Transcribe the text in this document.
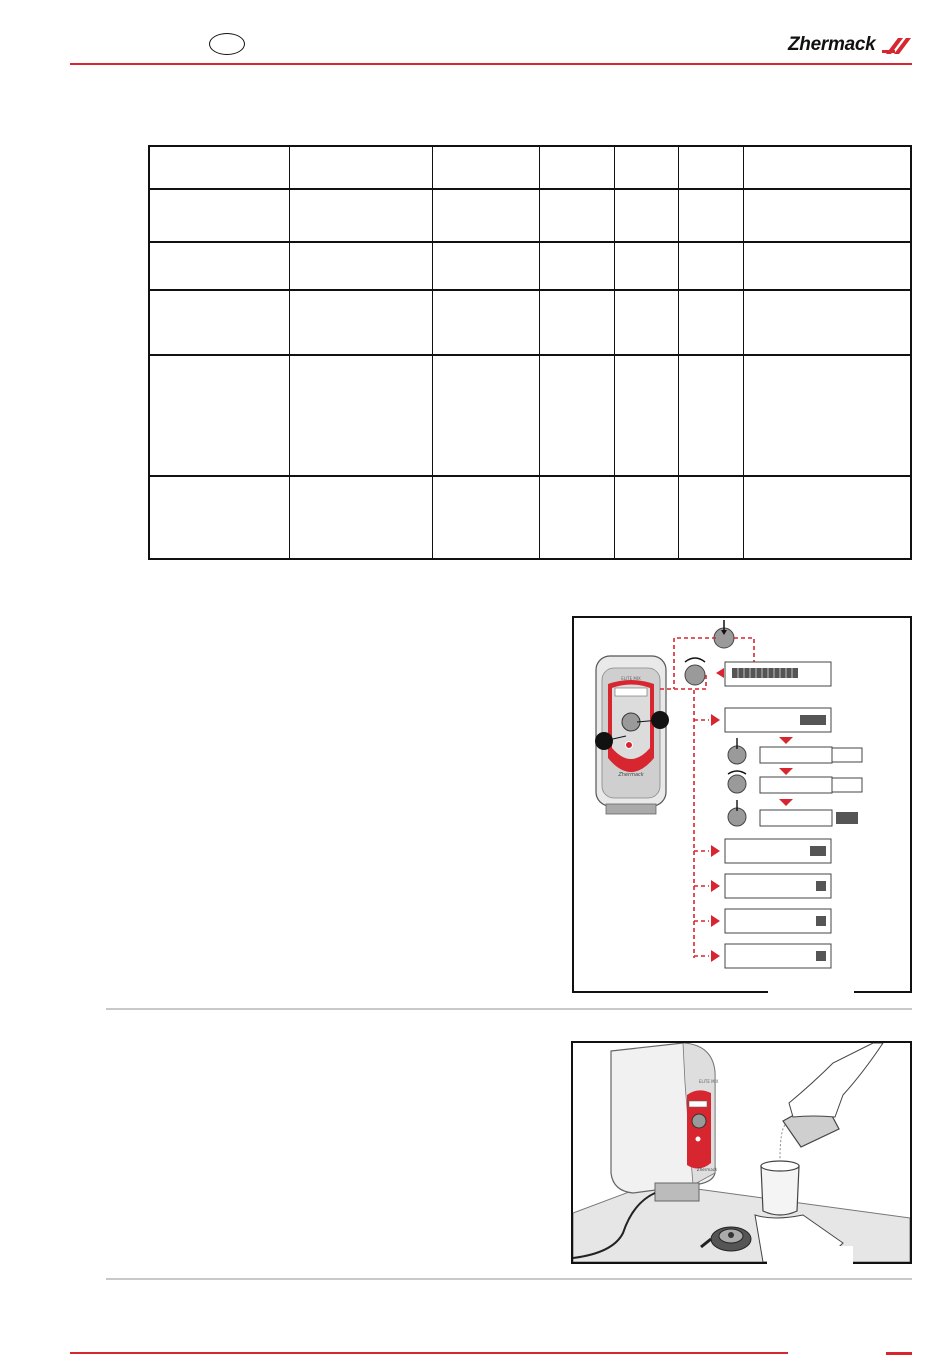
Zhermack

ELITE MIX
Zhermack
ELITE MIX
Zhermack
